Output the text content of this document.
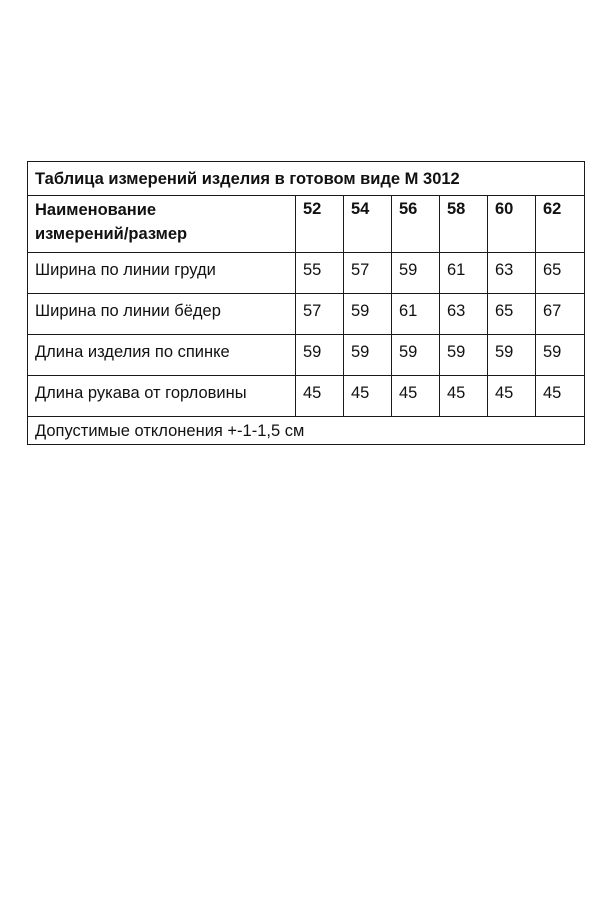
Таблица измерений изделия в готовом виде М 3012						
Наименование
измерений/размер	52	54	56	58	60	62
Ширина по линии груди	55	57	59	61	63	65
Ширина по линии бёдер	57	59	61	63	65	67
Длина изделия по спинке	59	59	59	59	59	59
Длина рукава от горловины	45	45	45	45	45	45
Допустимые отклонения +-1-1,5 см						
